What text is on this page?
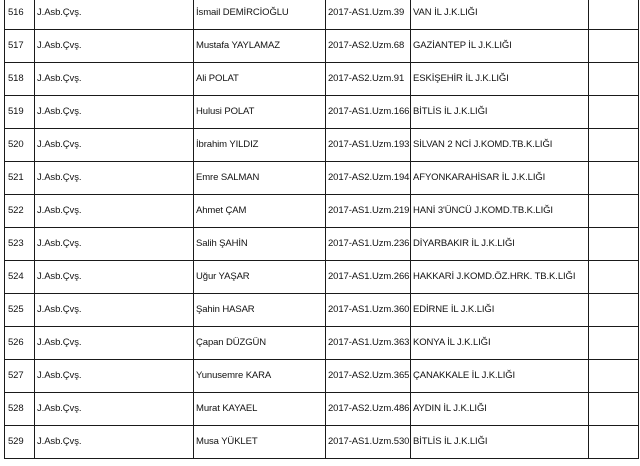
516	J.Asb.Çvş.	İsmail DEMİRCİOĞLU	2017-AS1.Uzm.39	VAN İL J.K.LIĞI	
517	J.Asb.Çvş.	Mustafa YAYLAMAZ	2017-AS2.Uzm.68	GAZİANTEP İL J.K.LIĞI	
518	J.Asb.Çvş.	Ali POLAT	2017-AS2.Uzm.91	ESKİŞEHİR İL J.K.LIĞI	
519	J.Asb.Çvş.	Hulusi POLAT	2017-AS1.Uzm.166	BİTLİS İL J.K.LIĞI	
520	J.Asb.Çvş.	İbrahim YILDIZ	2017-AS1.Uzm.193	SİLVAN 2 NCİ J.KOMD.TB.K.LIĞI	
521	J.Asb.Çvş.	Emre SALMAN	2017-AS2.Uzm.194	AFYONKARAHİSAR İL J.K.LIĞI	
522	J.Asb.Çvş.	Ahmet ÇAM	2017-AS1.Uzm.219	HANİ 3'ÜNCÜ J.KOMD.TB.K.LIĞI	
523	J.Asb.Çvş.	Salih ŞAHİN	2017-AS1.Uzm.236	DİYARBAKIR İL J.K.LIĞI	
524	J.Asb.Çvş.	Uğur YAŞAR	2017-AS1.Uzm.266	HAKKARİ J.KOMD.ÖZ.HRK. TB.K.LIĞI	
525	J.Asb.Çvş.	Şahin HASAR	2017-AS1.Uzm.360	EDİRNE İL J.K.LIĞI	
526	J.Asb.Çvş.	Çapan DÜZGÜN	2017-AS1.Uzm.363	KONYA İL J.K.LIĞI	
527	J.Asb.Çvş.	Yunusemre KARA	2017-AS2.Uzm.365	ÇANAKKALE İL J.K.LIĞI	
528	J.Asb.Çvş.	Murat KAYAEL	2017-AS2.Uzm.486	AYDIN İL J.K.LIĞI	
529	J.Asb.Çvş.	Musa YÜKLET	2017-AS1.Uzm.530	BİTLİS İL J.K.LIĞI	
